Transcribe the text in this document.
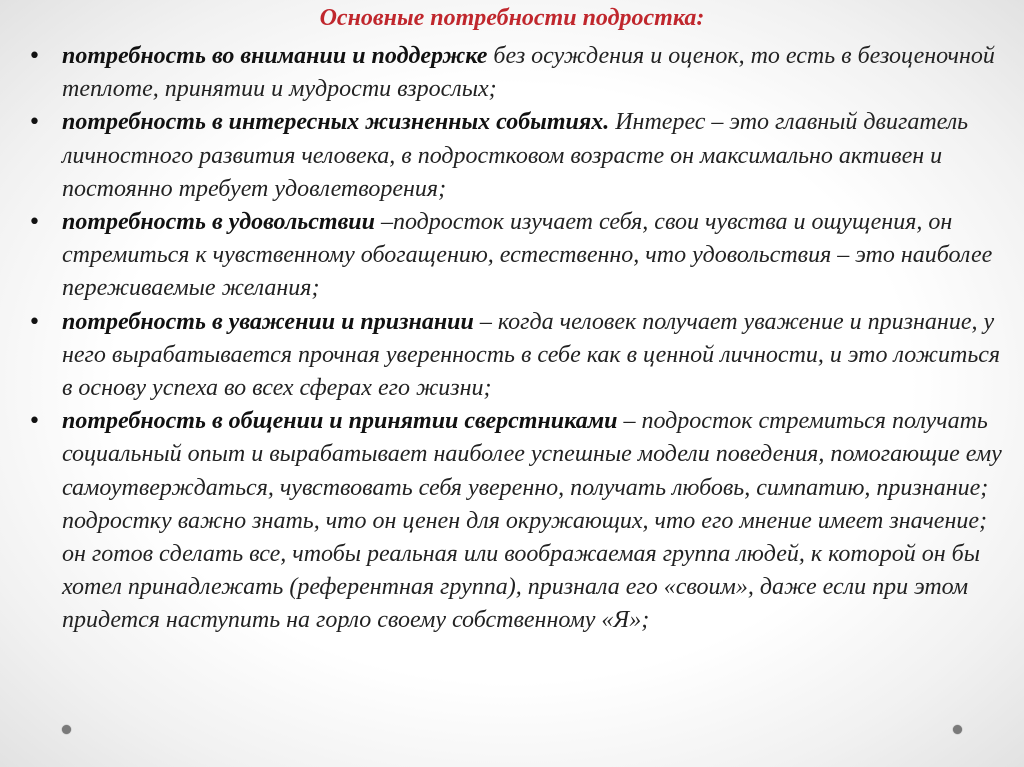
Основные потребности подростка:
• потребность во внимании и поддержке без осуждения и оценок, то есть в безоценочной теплоте, принятии и мудрости взрослых;
• потребность в интересных жизненных событиях. Интерес – это главный двигатель личностного развития человека, в подростковом возрасте он максимально активен и постоянно требует удовлетворения;
• потребность в удовольствии –подросток изучает себя, свои чувства и ощущения, он стремиться к чувственному обогащению, естественно, что удовольствия – это наиболее переживаемые желания;
• потребность в уважении и признании – когда человек получает уважение и признание, у него вырабатывается прочная уверенность в себе как в ценной личности, и это ложиться в основу успеха во всех сферах его жизни;
• потребность в общении и принятии сверстниками – подросток стремиться получать социальный опыт и вырабатывает наиболее успешные модели поведения, помогающие ему самоутверждаться, чувствовать себя уверенно, получать любовь, симпатию, признание; подростку важно знать, что он ценен для окружающих, что его мнение имеет значение; он готов сделать все, чтобы реальная или воображаемая группа людей, к которой он бы хотел принадлежать (референтная группа), признала его «своим», даже если при этом придется наступить на горло своему собственному «Я»;
